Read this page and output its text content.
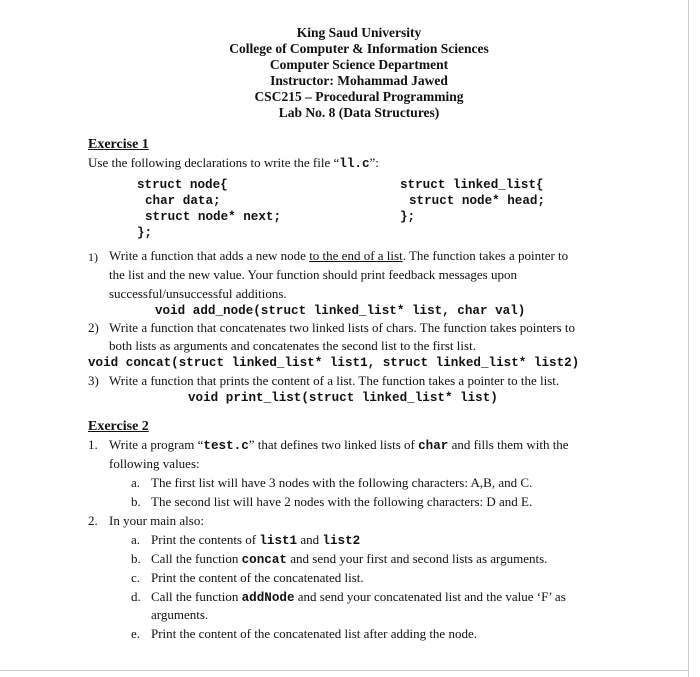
King Saud University
College of Computer & Information Sciences
Computer Science Department
Instructor: Mohammad Jawed
CSC215 – Procedural Programming
Lab No. 8 (Data Structures)
Exercise 1
Use the following declarations to write the file “ll.c”:
struct node{
char data;
struct node* next;
};
struct linked_list{
struct node* head;
};
1) Write a function that adds a new node to the end of a list. The function takes a pointer to
the list and the new value. Your function should print feedback messages upon
successful/unsuccessful additions.
void add_node(struct linked_list* list, char val)
2) Write a function that concatenates two linked lists of chars. The function takes pointers to
both lists as arguments and concatenates the second list to the first list.
void concat(struct linked_list* list1, struct linked_list* list2)
3) Write a function that prints the content of a list. The function takes a pointer to the list.
void print_list(struct linked_list* list)
Exercise 2
1. Write a program “test.c” that defines two linked lists of char and fills them with the
following values:
a. The first list will have 3 nodes with the following characters: A,B, and C.
b. The second list will have 2 nodes with the following characters: D and E.
2. In your main also:
a. Print the contents of list1 and list2
b. Call the function concat and send your first and second lists as arguments.
c. Print the content of the concatenated list.
d. Call the function addNode and send your concatenated list and the value ‘F’ as
arguments.
e. Print the content of the concatenated list after adding the node.
